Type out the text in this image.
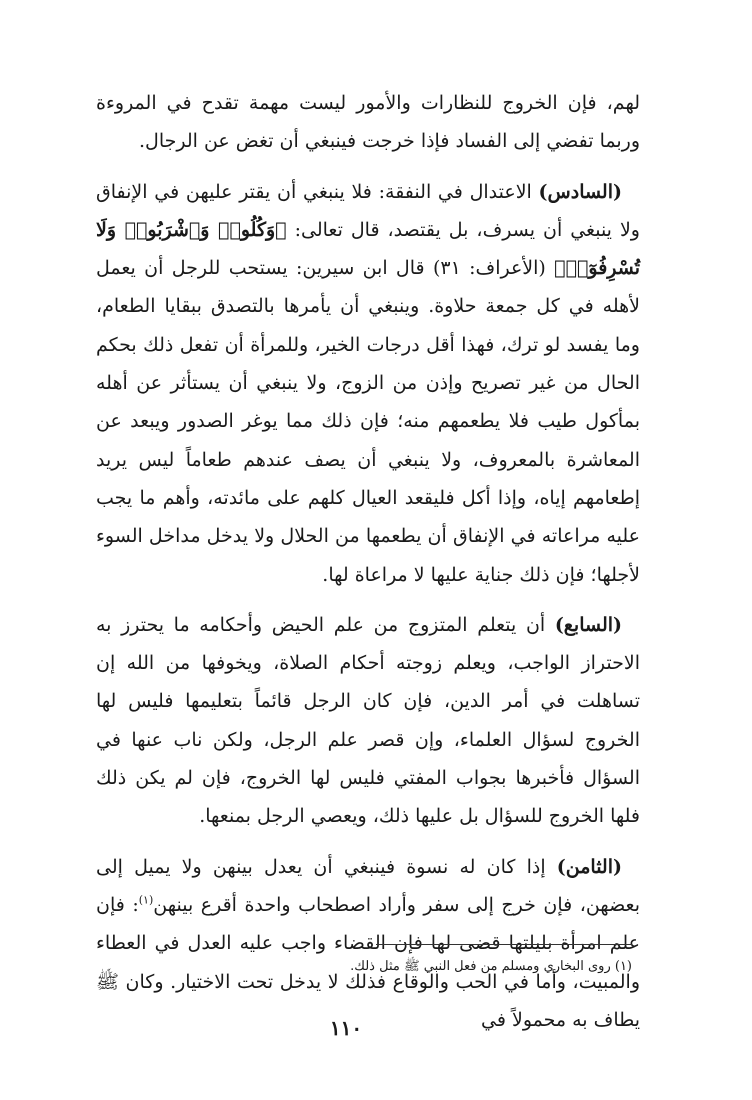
لهم، فإن الخروج للنظارات والأمور ليست مهمة تقدح في المروءة وربما تفضي إلى الفساد فإذا خرجت فينبغي أن تغض عن الرجال.

(السادس) الاعتدال في النفقة: فلا ينبغي أن يقتر عليهن في الإنفاق ولا ينبغي أن يسرف، بل يقتصد، قال تعالى: ﴿وَكُلُوا۟ وَٱشْرَبُوا۟ وَلَا تُسْرِفُوٓا۟﴾ (الأعراف: ٣١) قال ابن سيرين: يستحب للرجل أن يعمل لأهله في كل جمعة حلاوة. وينبغي أن يأمرها بالتصدق ببقايا الطعام، وما يفسد لو ترك، فهذا أقل درجات الخير، وللمرأة أن تفعل ذلك بحكم الحال من غير تصريح وإذن من الزوج، ولا ينبغي أن يستأثر عن أهله بمأكول طيب فلا يطعمهم منه؛ فإن ذلك مما يوغر الصدور ويبعد عن المعاشرة بالمعروف، ولا ينبغي أن يصف عندهم طعاماً ليس يريد إطعامهم إياه، وإذا أكل فليقعد العيال كلهم على مائدته، وأهم ما يجب عليه مراعاته في الإنفاق أن يطعمها من الحلال ولا يدخل مداخل السوء لأجلها؛ فإن ذلك جناية عليها لا مراعاة لها.

(السابع) أن يتعلم المتزوج من علم الحيض وأحكامه ما يحترز به الاحتراز الواجب، ويعلم زوجته أحكام الصلاة، ويخوفها من الله إن تساهلت في أمر الدين، فإن كان الرجل قائماً بتعليمها فليس لها الخروج لسؤال العلماء، وإن قصر علم الرجل، ولكن ناب عنها في السؤال فأخبرها بجواب المفتي فليس لها الخروج، فإن لم يكن ذلك فلها الخروج للسؤال بل عليها ذلك، ويعصي الرجل بمنعها.

(الثامن) إذا كان له نسوة فينبغي أن يعدل بينهن ولا يميل إلى بعضهن، فإن خرج إلى سفر وأراد اصطحاب واحدة أقرع بينهن$^{(١)}$: فإن علم امرأة بليلتها قضى لها فإن القضاء واجب عليه العدل في العطاء والمبيت، وأما في الحب والوقاع فذلك لا يدخل تحت الاختيار. وكان ﷺ يطاف به محمولاً في

(١) روى البخاري ومسلم من فعل النبي ﷺ مثل ذلك.
١١٠
